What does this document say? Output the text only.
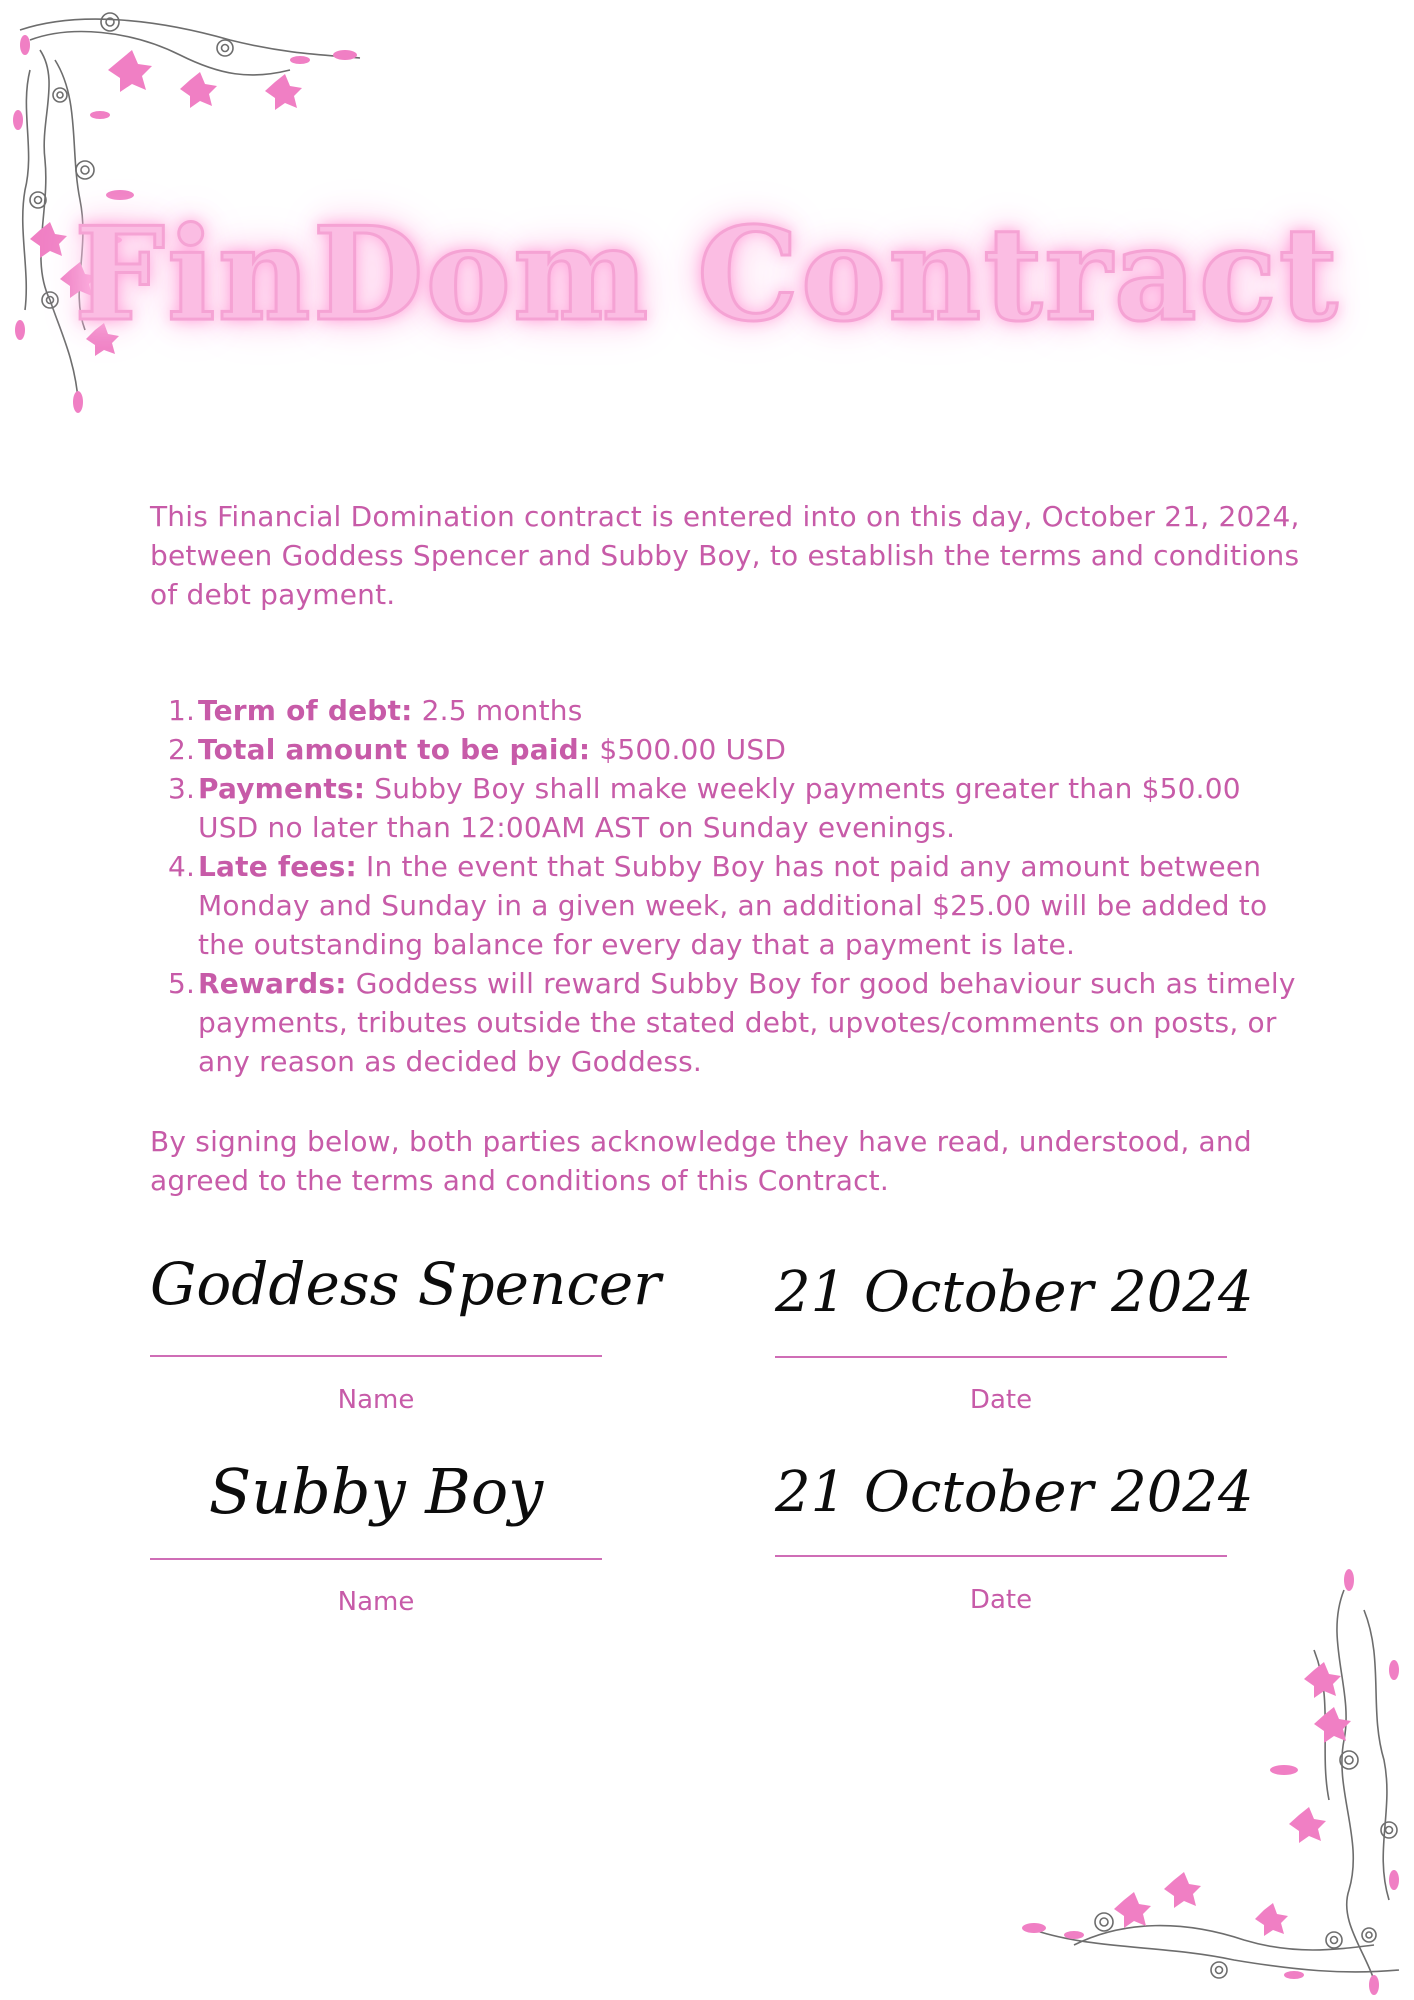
FinDom Contract
This Financial Domination contract is entered into on this day, October 21, 2024, between Goddess Spencer and Subby Boy, to establish the terms and conditions of debt payment.
1. Term of debt: 2.5 months
2. Total amount to be paid: $500.00 USD
3. Payments: Subby Boy shall make weekly payments greater than $50.00 USD no later than 12:00AM AST on Sunday evenings.
4. Late fees: In the event that Subby Boy has not paid any amount between Monday and Sunday in a given week, an additional $25.00 will be added to the outstanding balance for every day that a payment is late.
5. Rewards: Goddess will reward Subby Boy for good behaviour such as timely payments, tributes outside the stated debt, upvotes/comments on posts, or any reason as decided by Goddess.
By signing below, both parties acknowledge they have read, understood, and agreed to the terms and conditions of this Contract.
Goddess Spencer
Name
21 October 2024
Date
Subby Boy
Name
21 October 2024
Date
